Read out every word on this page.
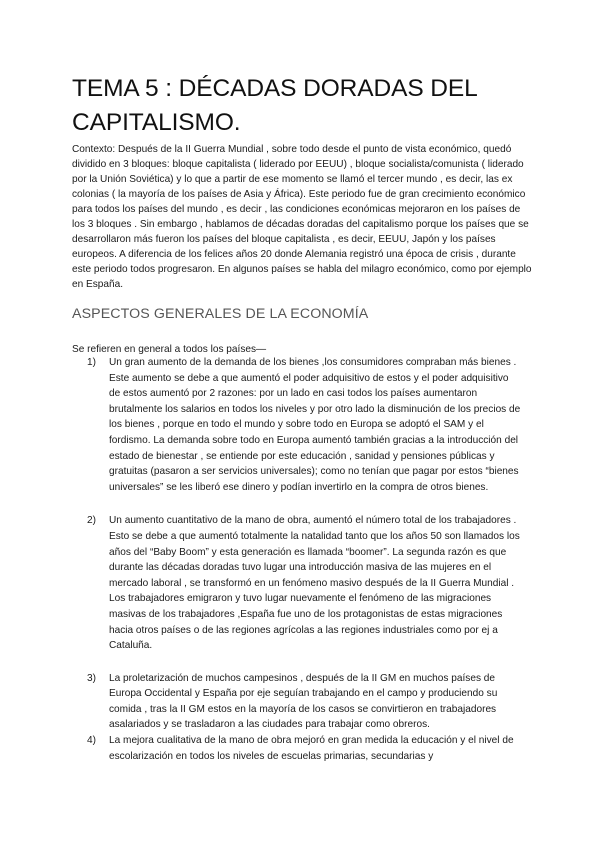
TEMA 5 : DÉCADAS DORADAS DEL CAPITALISMO.

Contexto: Después de la II Guerra Mundial , sobre todo desde el punto de vista económico, quedó dividido en 3 bloques: bloque capitalista ( liderado por EEUU) , bloque socialista/comunista ( liderado por la Unión Soviética) y lo que a partir de ese momento se llamó el tercer mundo , es decir, las ex colonias ( la mayoría de los países de Asia y África). Este periodo fue de gran crecimiento económico para todos los países del mundo , es decir , las condiciones económicas mejoraron en los países de los 3 bloques . Sin embargo , hablamos de décadas doradas del capitalismo porque los países que se desarrollaron más fueron los países del bloque capitalista , es decir, EEUU, Japón y los países europeos. A diferencia de los felices años 20 donde Alemania registró una época de crisis , durante este periodo todos progresaron. En algunos países se habla del milagro económico, como por ejemplo en España.

ASPECTOS GENERALES DE LA ECONOMÍA

Se refieren en general a todos los países—

1) Un gran aumento de la demanda de los bienes ,los consumidores compraban más bienes . Este aumento se debe a que aumentó el poder adquisitivo de estos y el poder adquisitivo de estos aumentó por 2 razones: por un lado en casi todos los países aumentaron brutalmente los salarios en todos los niveles y por otro lado la disminución de los precios de los bienes , porque en todo el mundo y sobre todo en Europa se adoptó el SAM y el fordismo. La demanda sobre todo en Europa aumentó también gracias a la introducción del estado de bienestar , se entiende por este educación , sanidad y pensiones públicas y gratuitas (pasaron a ser servicios universales); como no tenían que pagar por estos “bienes universales” se les liberó ese dinero y podían invertirlo en la compra de otros bienes.
2) Un aumento cuantitativo de la mano de obra, aumentó el número total de los trabajadores . Esto se debe a que aumentó totalmente la natalidad tanto que los años 50 son llamados los años del “Baby Boom” y esta generación es llamada “boomer”. La segunda razón es que durante las décadas doradas tuvo lugar una introducción masiva de las mujeres en el mercado laboral , se transformó en un fenómeno masivo después de la II Guerra Mundial . Los trabajadores emigraron y tuvo lugar nuevamente el fenómeno de las migraciones masivas de los trabajadores ,España fue uno de los protagonistas de estas migraciones hacia otros países o de las regiones agrícolas a las regiones industriales como por ej a Cataluña.
3) La proletarización de muchos campesinos , después de la II GM en muchos países de Europa Occidental y España por eje seguían trabajando en el campo y produciendo su comida , tras la II GM estos en la mayoría de los casos se convirtieron en trabajadores asalariados y se trasladaron a las ciudades para trabajar como obreros.
4) La mejora cualitativa de la mano de obra mejoró en gran medida la educación y el nivel de escolarización en todos los niveles de escuelas primarias, secundarias y
